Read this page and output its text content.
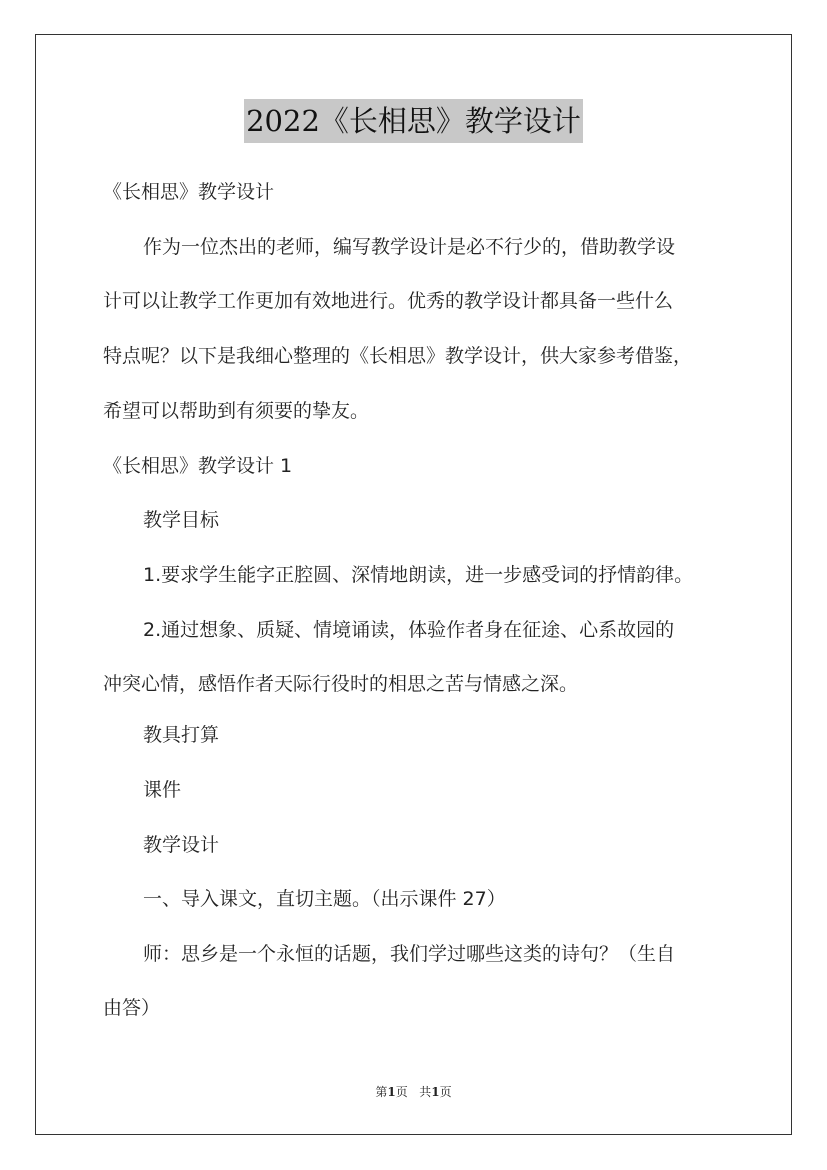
2022《长相思》教学设计
《长相思》教学设计
作为一位杰出的老师，编写教学设计是必不行少的，借助教学设
计可以让教学工作更加有效地进行。优秀的教学设计都具备一些什么
特点呢？以下是我细心整理的《长相思》教学设计，供大家参考借鉴，
希望可以帮助到有须要的挚友。
《长相思》教学设计 1
教学目标
1.要求学生能字正腔圆、深情地朗读，进一步感受词的抒情韵律。
2.通过想象、质疑、情境诵读，体验作者身在征途、心系故园的
冲突心情，感悟作者天际行役时的相思之苦与情感之深。
教具打算
课件
教学设计
一、导入课文，直切主题。（出示课件 27）
师：思乡是一个永恒的话题，我们学过哪些这类的诗句？（生自
由答）
第1页 共1页
